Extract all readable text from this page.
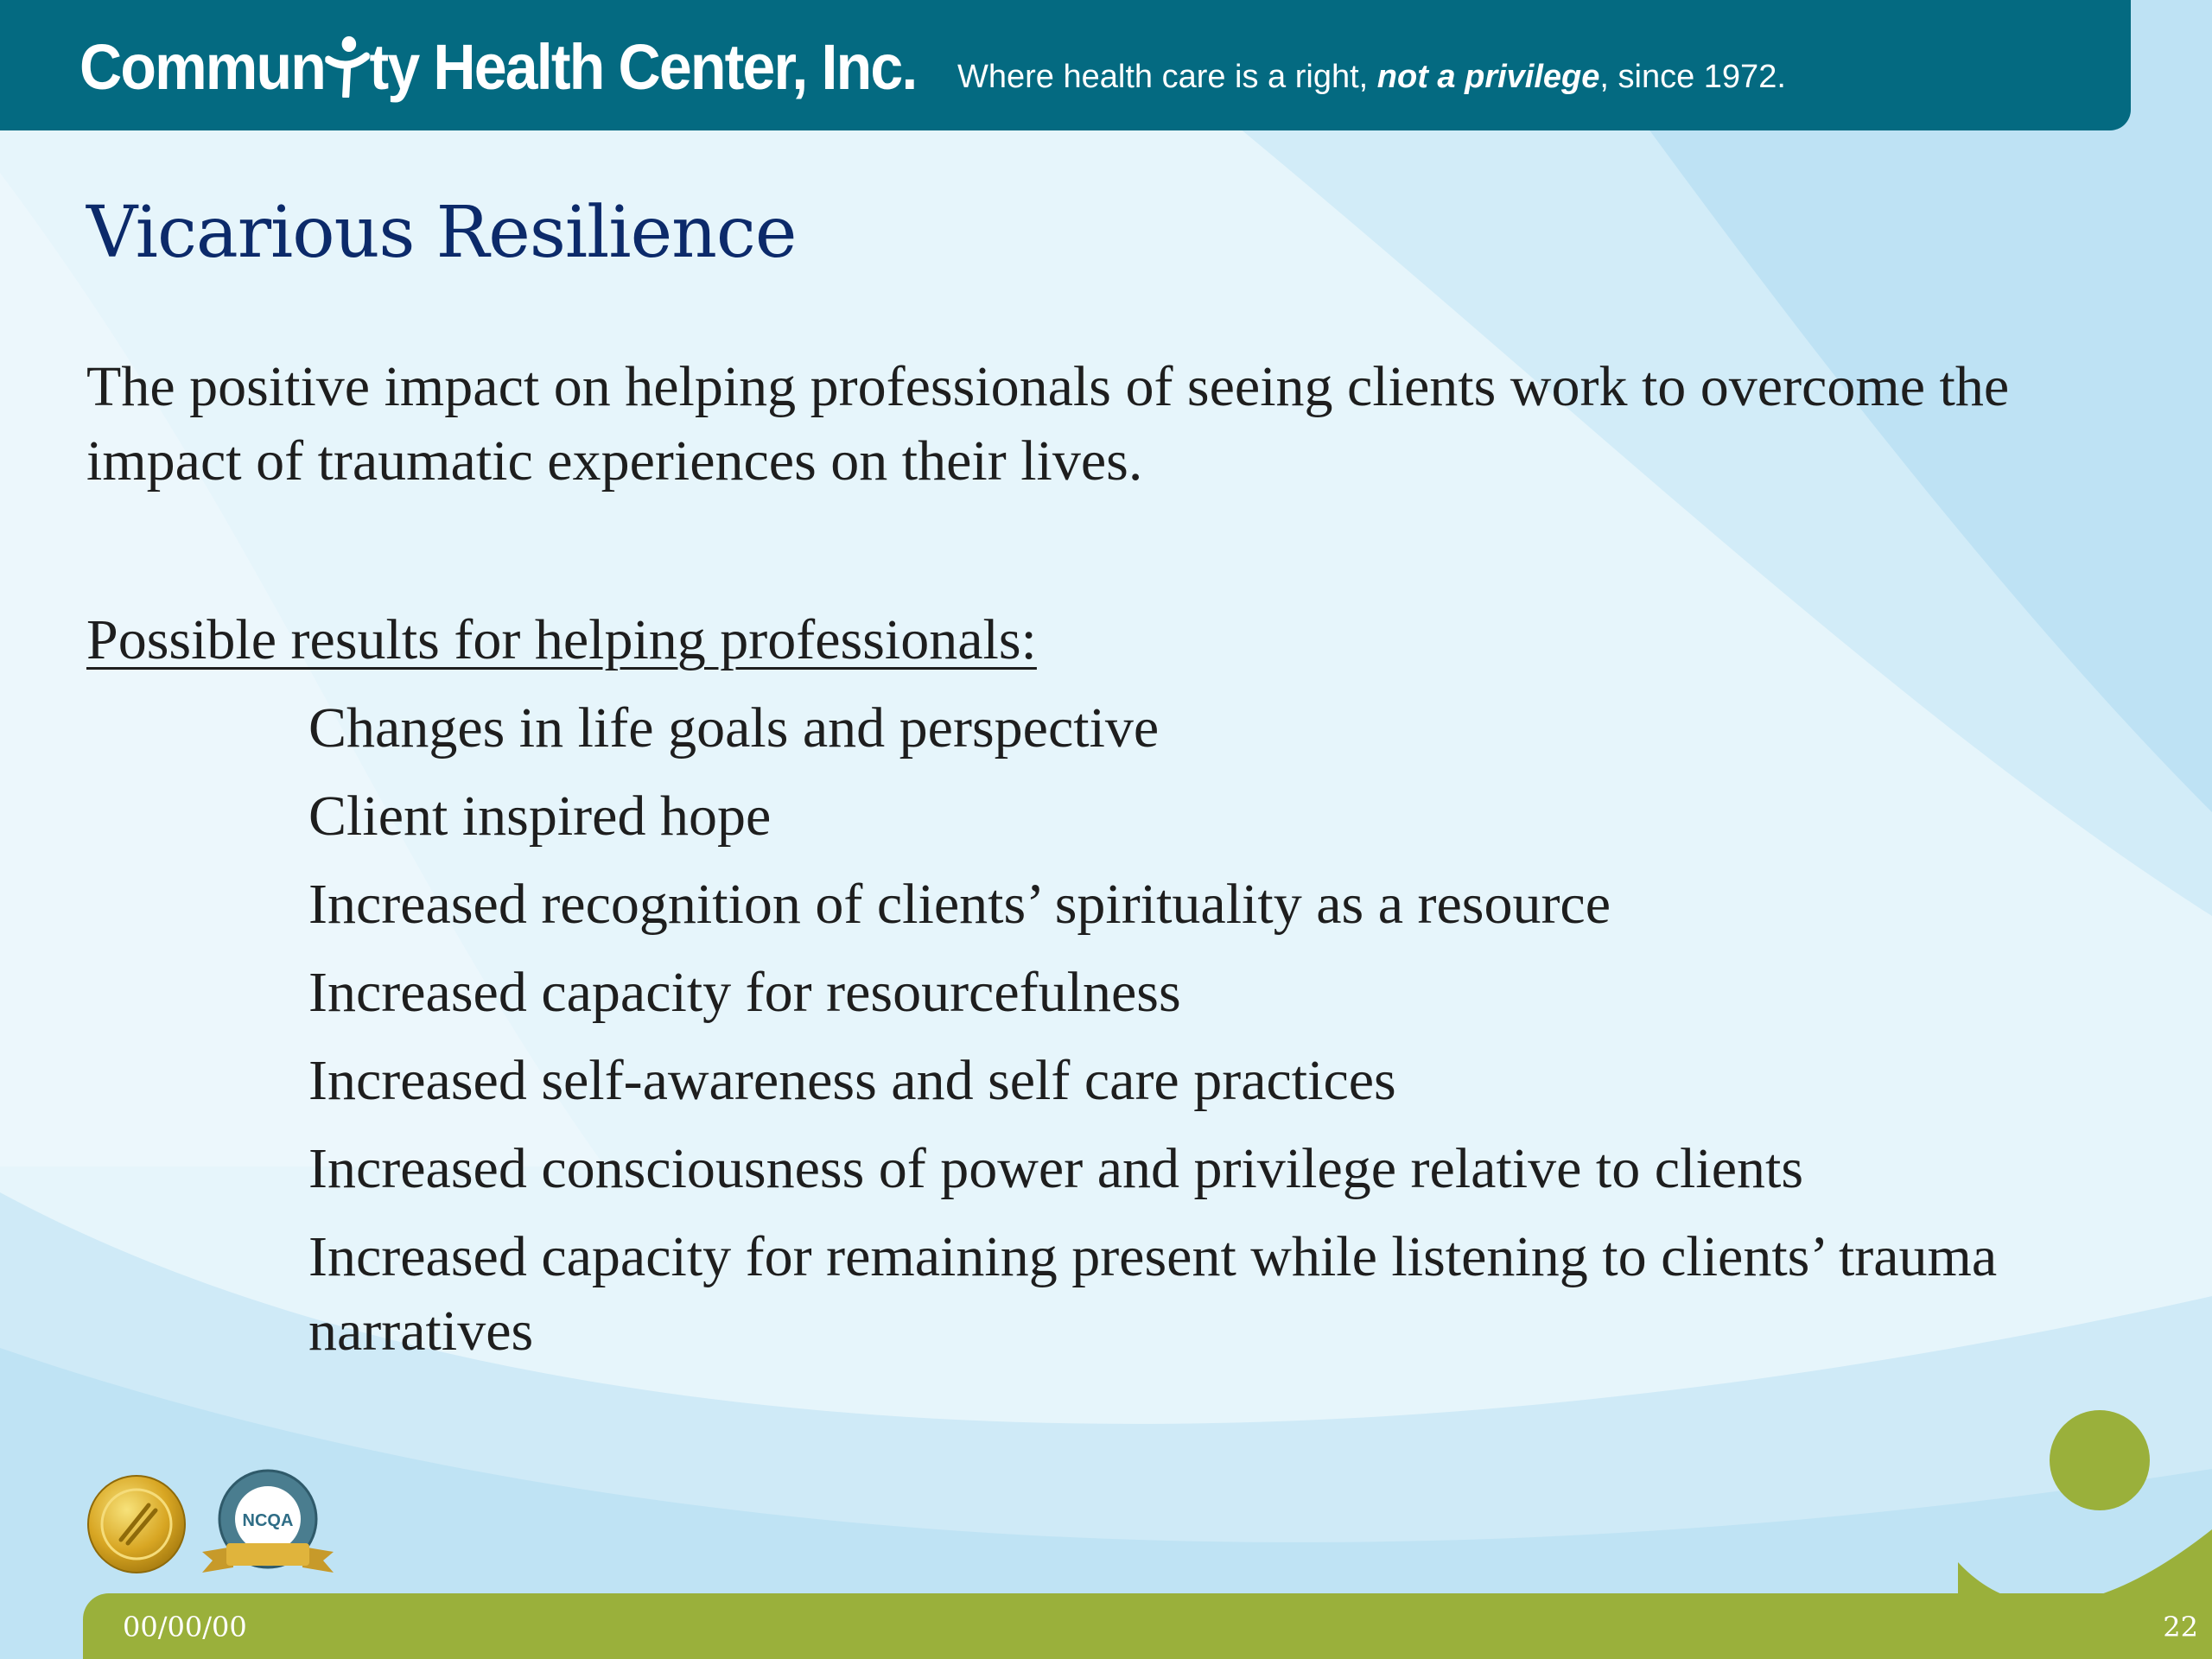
Commun ty Health Center, Inc. Where health care is a right, not a privilege, since 1972.
Vicarious Resilience
The positive impact on helping professionals of seeing clients work to overcome the impact of traumatic experiences on their lives.
Possible results for helping professionals:
Changes in life goals and perspective
Client inspired hope
Increased recognition of clients’ spirituality as a resource
Increased capacity for resourcefulness
Increased self-awareness and self care practices
Increased consciousness of power and privilege relative to clients
Increased capacity for remaining present while listening to clients’ trauma narratives
NCQA
00/00/00	22
